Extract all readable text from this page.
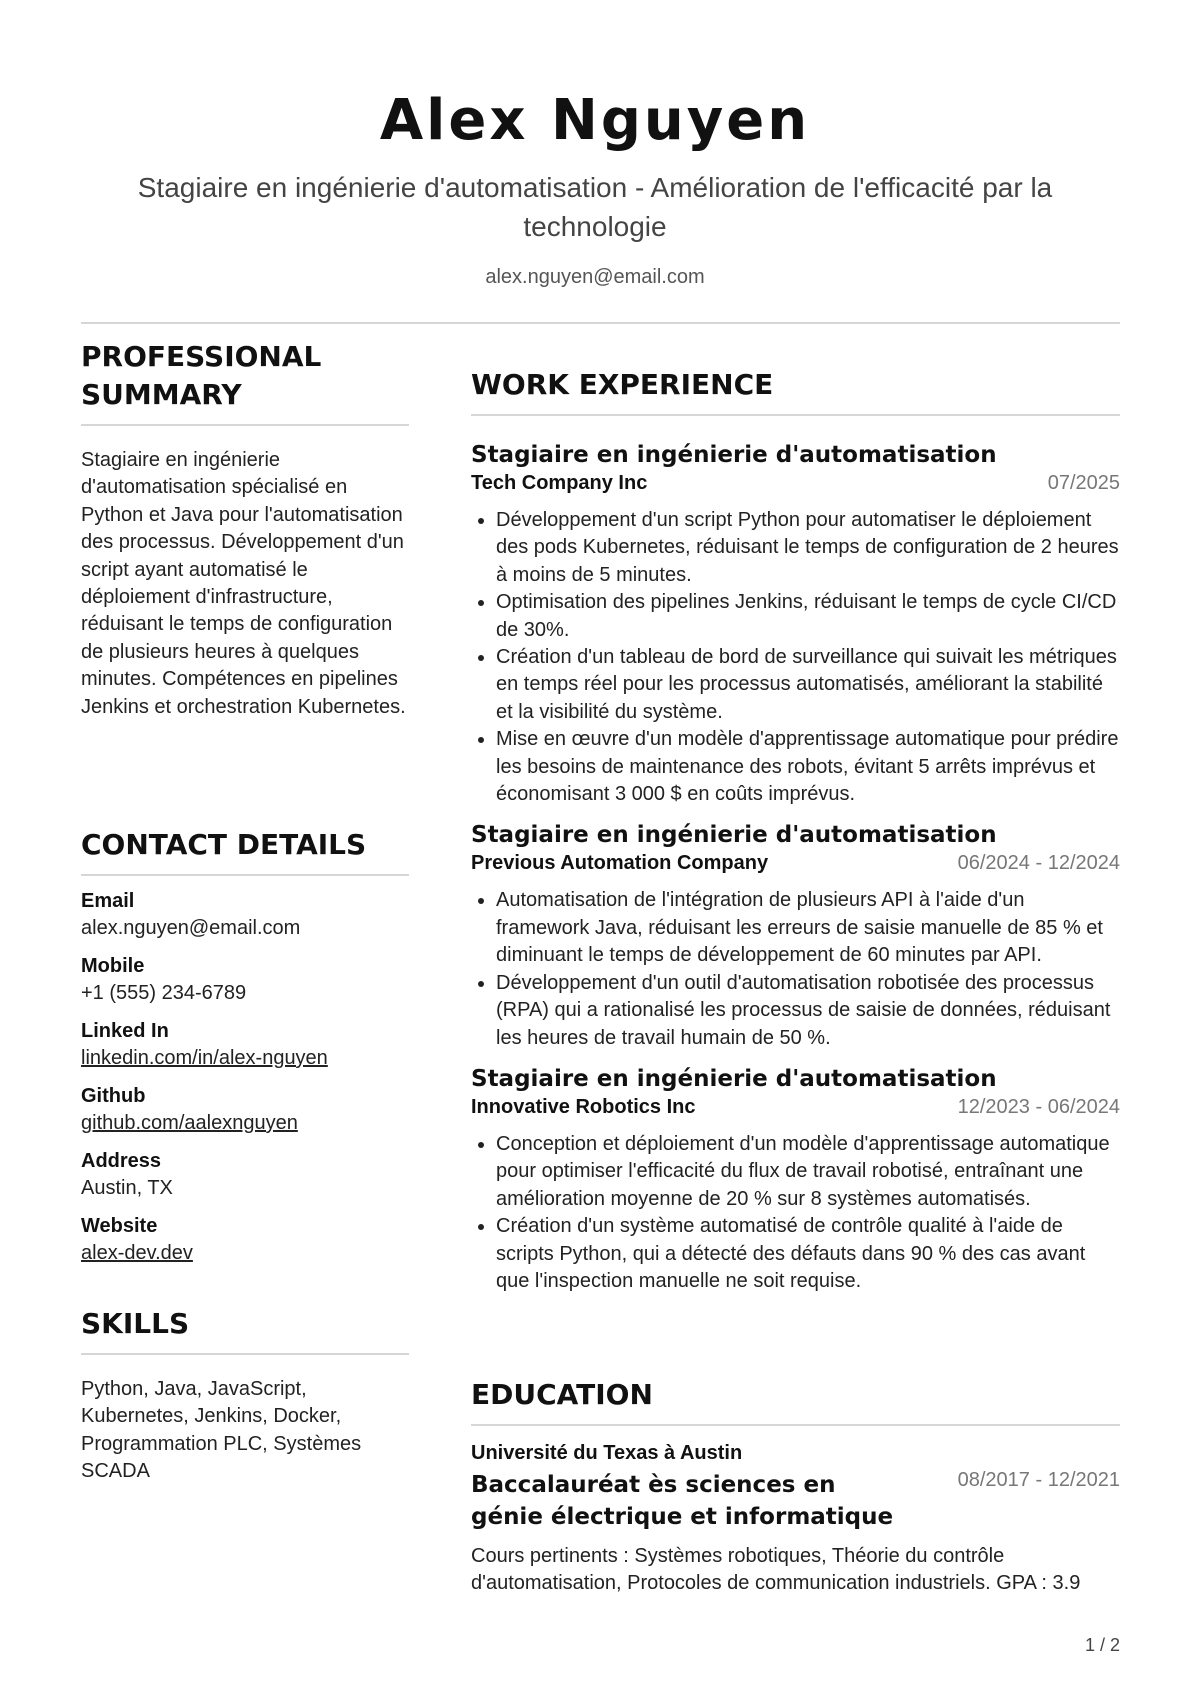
Alex Nguyen
Stagiaire en ingénierie d'automatisation - Amélioration de l'efficacité par la technologie
alex.nguyen@email.com
PROFESSIONAL SUMMARY
Stagiaire en ingénierie d'automatisation spécialisé en Python et Java pour l'automatisation des processus. Développement d'un script ayant automatisé le déploiement d'infrastructure, réduisant le temps de configuration de plusieurs heures à quelques minutes. Compétences en pipelines Jenkins et orchestration Kubernetes.
CONTACT DETAILS
Email
alex.nguyen@email.com
Mobile
+1 (555) 234-6789
Linked In
linkedin.com/in/alex-nguyen
Github
github.com/aalexnguyen
Address
Austin, TX
Website
alex-dev.dev
SKILLS
Python, Java, JavaScript, Kubernetes, Jenkins, Docker, Programmation PLC, Systèmes SCADA
WORK EXPERIENCE
Stagiaire en ingénierie d'automatisation
Tech Company Inc	07/2025
• Développement d'un script Python pour automatiser le déploiement des pods Kubernetes, réduisant le temps de configuration de 2 heures à moins de 5 minutes.
• Optimisation des pipelines Jenkins, réduisant le temps de cycle CI/CD de 30%.
• Création d'un tableau de bord de surveillance qui suivait les métriques en temps réel pour les processus automatisés, améliorant la stabilité et la visibilité du système.
• Mise en œuvre d'un modèle d'apprentissage automatique pour prédire les besoins de maintenance des robots, évitant 5 arrêts imprévus et économisant 3 000 $ en coûts imprévus.
Stagiaire en ingénierie d'automatisation
Previous Automation Company	06/2024 - 12/2024
• Automatisation de l'intégration de plusieurs API à l'aide d'un framework Java, réduisant les erreurs de saisie manuelle de 85 % et diminuant le temps de développement de 60 minutes par API.
• Développement d'un outil d'automatisation robotisée des processus (RPA) qui a rationalisé les processus de saisie de données, réduisant les heures de travail humain de 50 %.
Stagiaire en ingénierie d'automatisation
Innovative Robotics Inc	12/2023 - 06/2024
• Conception et déploiement d'un modèle d'apprentissage automatique pour optimiser l'efficacité du flux de travail robotisé, entraînant une amélioration moyenne de 20 % sur 8 systèmes automatisés.
• Création d'un système automatisé de contrôle qualité à l'aide de scripts Python, qui a détecté des défauts dans 90 % des cas avant que l'inspection manuelle ne soit requise.
EDUCATION
Université du Texas à Austin
Baccalauréat ès sciences en génie électrique et informatique
08/2017 - 12/2021
Cours pertinents : Systèmes robotiques, Théorie du contrôle d'automatisation, Protocoles de communication industriels. GPA : 3.9
1 / 2
